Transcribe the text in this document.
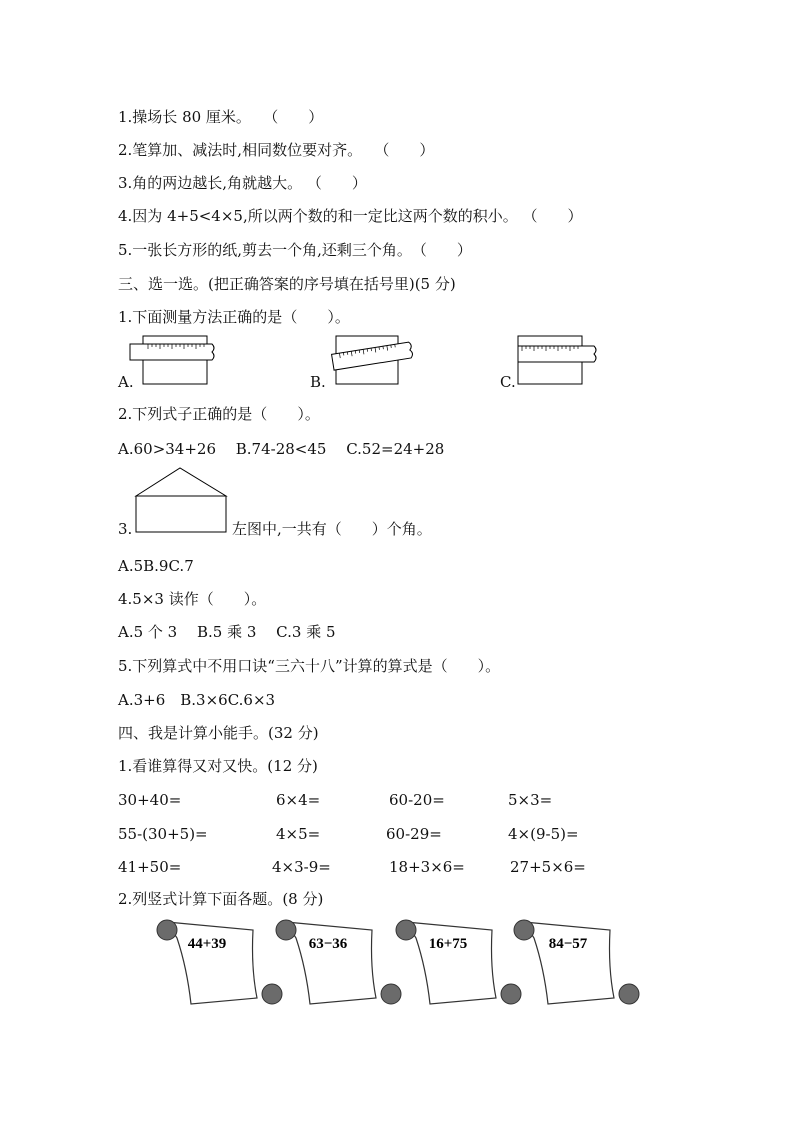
1.操场长 80 厘米。　 （　　）
2.笔算加、减法时,相同数位要对齐。　 （　　）
3.角的两边越长,角就越大。 （　　）
4.因为 4+5<4×5,所以两个数的和一定比这两个数的积小。 （　　）
5.一张长方形的纸,剪去一个角,还剩三个角。　（　　）
三、选一选。(把正确答案的序号填在括号里)(5 分)
1.下面测量方法正确的是（　　）。
A.	B.	C.
2.下列式子正确的是（　　）。
A.60>34+26　 B.74-28<45　 C.52=24+28
3.	左图中,一共有（　　）个角。
A.5B.9C.7
4.5×3 读作（　　）。
A.5 个 3　 B.5 乘 3　 C.3 乘 5
5.下列算式中不用口诀“三六十八”计算的算式是（　　）。
A.3+6　B.3×6C.6×3
四、我是计算小能手。(32 分)
1.看谁算得又对又快。(12 分)
30+40=	6×4=	60-20=	5×3=
55-(30+5)=	4×5=	60-29=	4×(9-5)=
41+50=	4×3-9=	18+3×6=	27+5×6=
2.列竖式计算下面各题。(8 分)
44+39	63−36	16+75	84−57
